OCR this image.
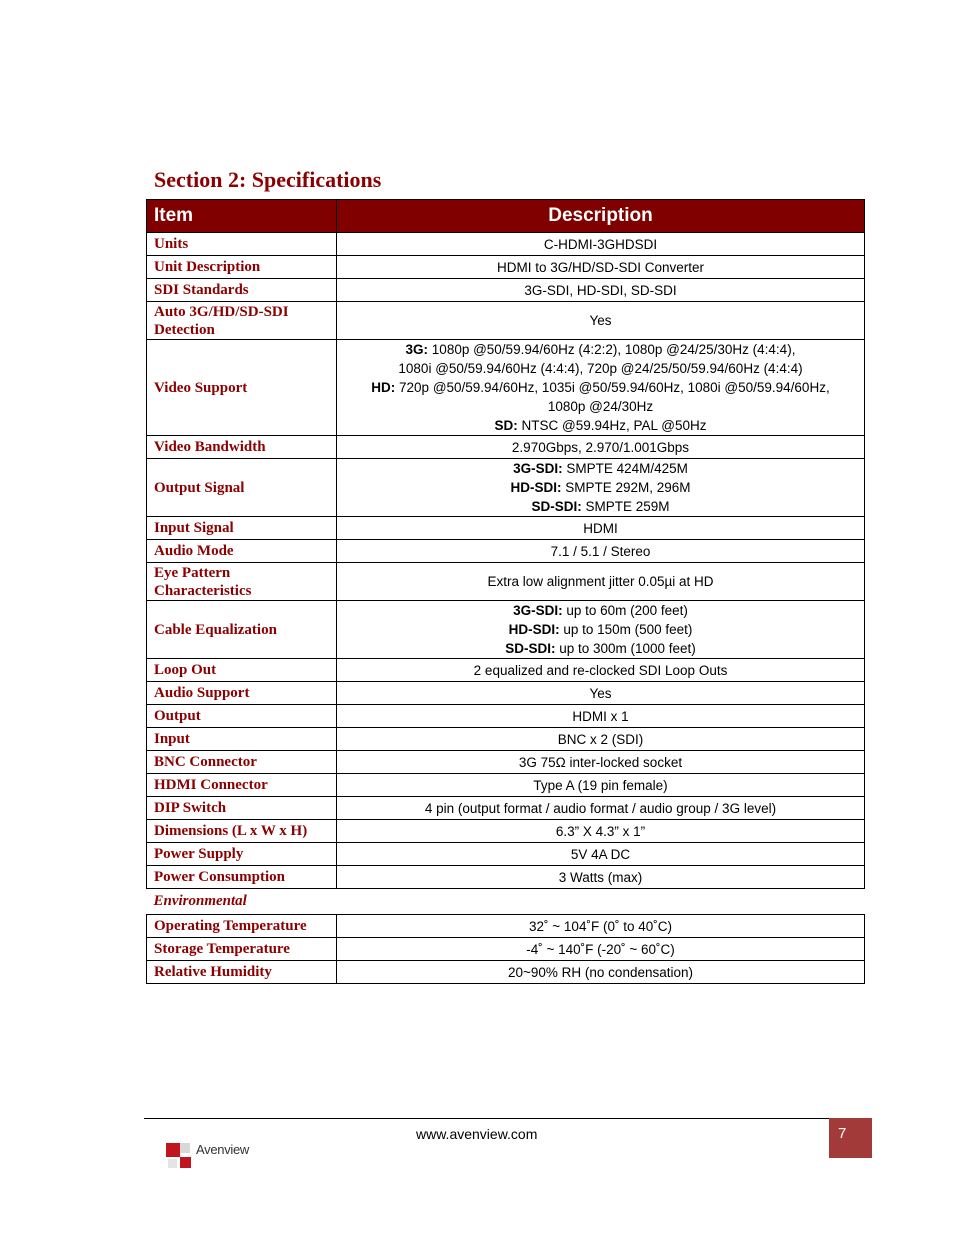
Section 2: Specifications
Item	Description
Units	C-HDMI-3GHDSDI

Unit Description	HDMI to 3G/HD/SD-SDI Converter

SDI Standards	3G-SDI, HD-SDI, SD-SDI

Auto 3G/HD/SD-SDI Detection	Yes

Video Support	3G: 1080p @50/59.94/60Hz (4:2:2), 1080p @24/25/30Hz (4:4:4),
1080i @50/59.94/60Hz (4:4:4), 720p @24/25/50/59.94/60Hz (4:4:4)
HD: 720p @50/59.94/60Hz, 1035i @50/59.94/60Hz, 1080i @50/59.94/60Hz,
1080p @24/30Hz
SD: NTSC @59.94Hz, PAL @50Hz

Video Bandwidth	2.970Gbps, 2.970/1.001Gbps

Output Signal	3G-SDI: SMPTE 424M/425M
HD-SDI: SMPTE 292M, 296M
SD-SDI: SMPTE 259M

Input Signal	HDMI

Audio Mode	7.1 / 5.1 / Stereo

Eye Pattern Characteristics	Extra low alignment jitter 0.05µi at HD

Cable Equalization	3G-SDI: up to 60m (200 feet)
HD-SDI: up to 150m (500 feet)
SD-SDI: up to 300m (1000 feet)

Loop Out	2 equalized and re-clocked SDI Loop Outs

Audio Support	Yes

Output	HDMI x 1

Input	BNC x 2 (SDI)

BNC Connector	3G 75Ω inter-locked socket

HDMI Connector	Type A (19 pin female)

DIP Switch	4 pin (output format / audio format / audio group / 3G level)

Dimensions (L x W x H)	6.3” X 4.3” x 1”

Power Supply	5V 4A DC

Power Consumption	3 Watts (max)

Environmental	
Operating Temperature	32˚ ~ 104˚F (0˚ to 40˚C)

Storage Temperature	-4˚ ~ 140˚F (-20˚ ~ 60˚C)

Relative Humidity	20~90% RH (no condensation)
www.avenview.com	7
Avenview
